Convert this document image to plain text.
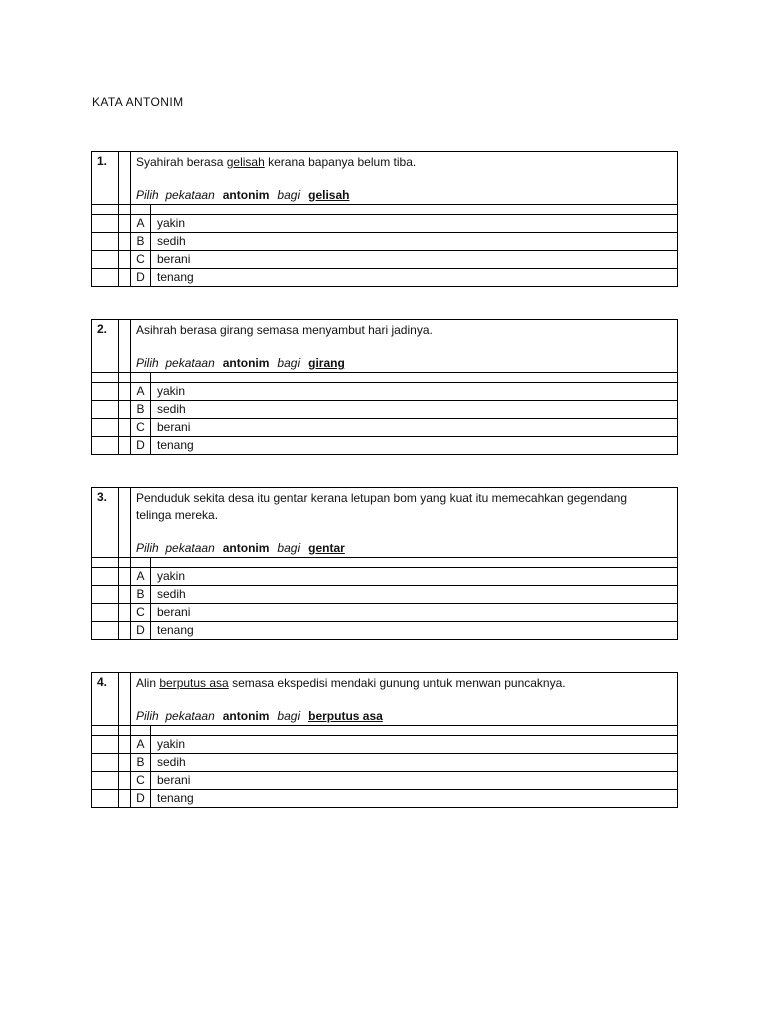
KATA ANTONIM
1.		Syahirah berasa gelisah kerana bapanya belum tiba.
Pilih pekataan antonim bagi gelisah	

		A	yakin
		B	sedih
		C	berani
		D	tenang
2.		Asihrah berasa girang semasa menyambut hari jadinya.
Pilih pekataan antonim bagi girang	

		A	yakin
		B	sedih
		C	berani
		D	tenang
3.		Penduduk sekita desa itu gentar kerana letupan bom yang kuat itu memecahkan gegendang telinga mereka.
Pilih pekataan antonim bagi gentar	

		A	yakin
		B	sedih
		C	berani
		D	tenang
4.		Alin berputus asa semasa ekspedisi mendaki gunung untuk menwan puncaknya.
Pilih pekataan antonim bagi berputus asa	

		A	yakin
		B	sedih
		C	berani
		D	tenang
